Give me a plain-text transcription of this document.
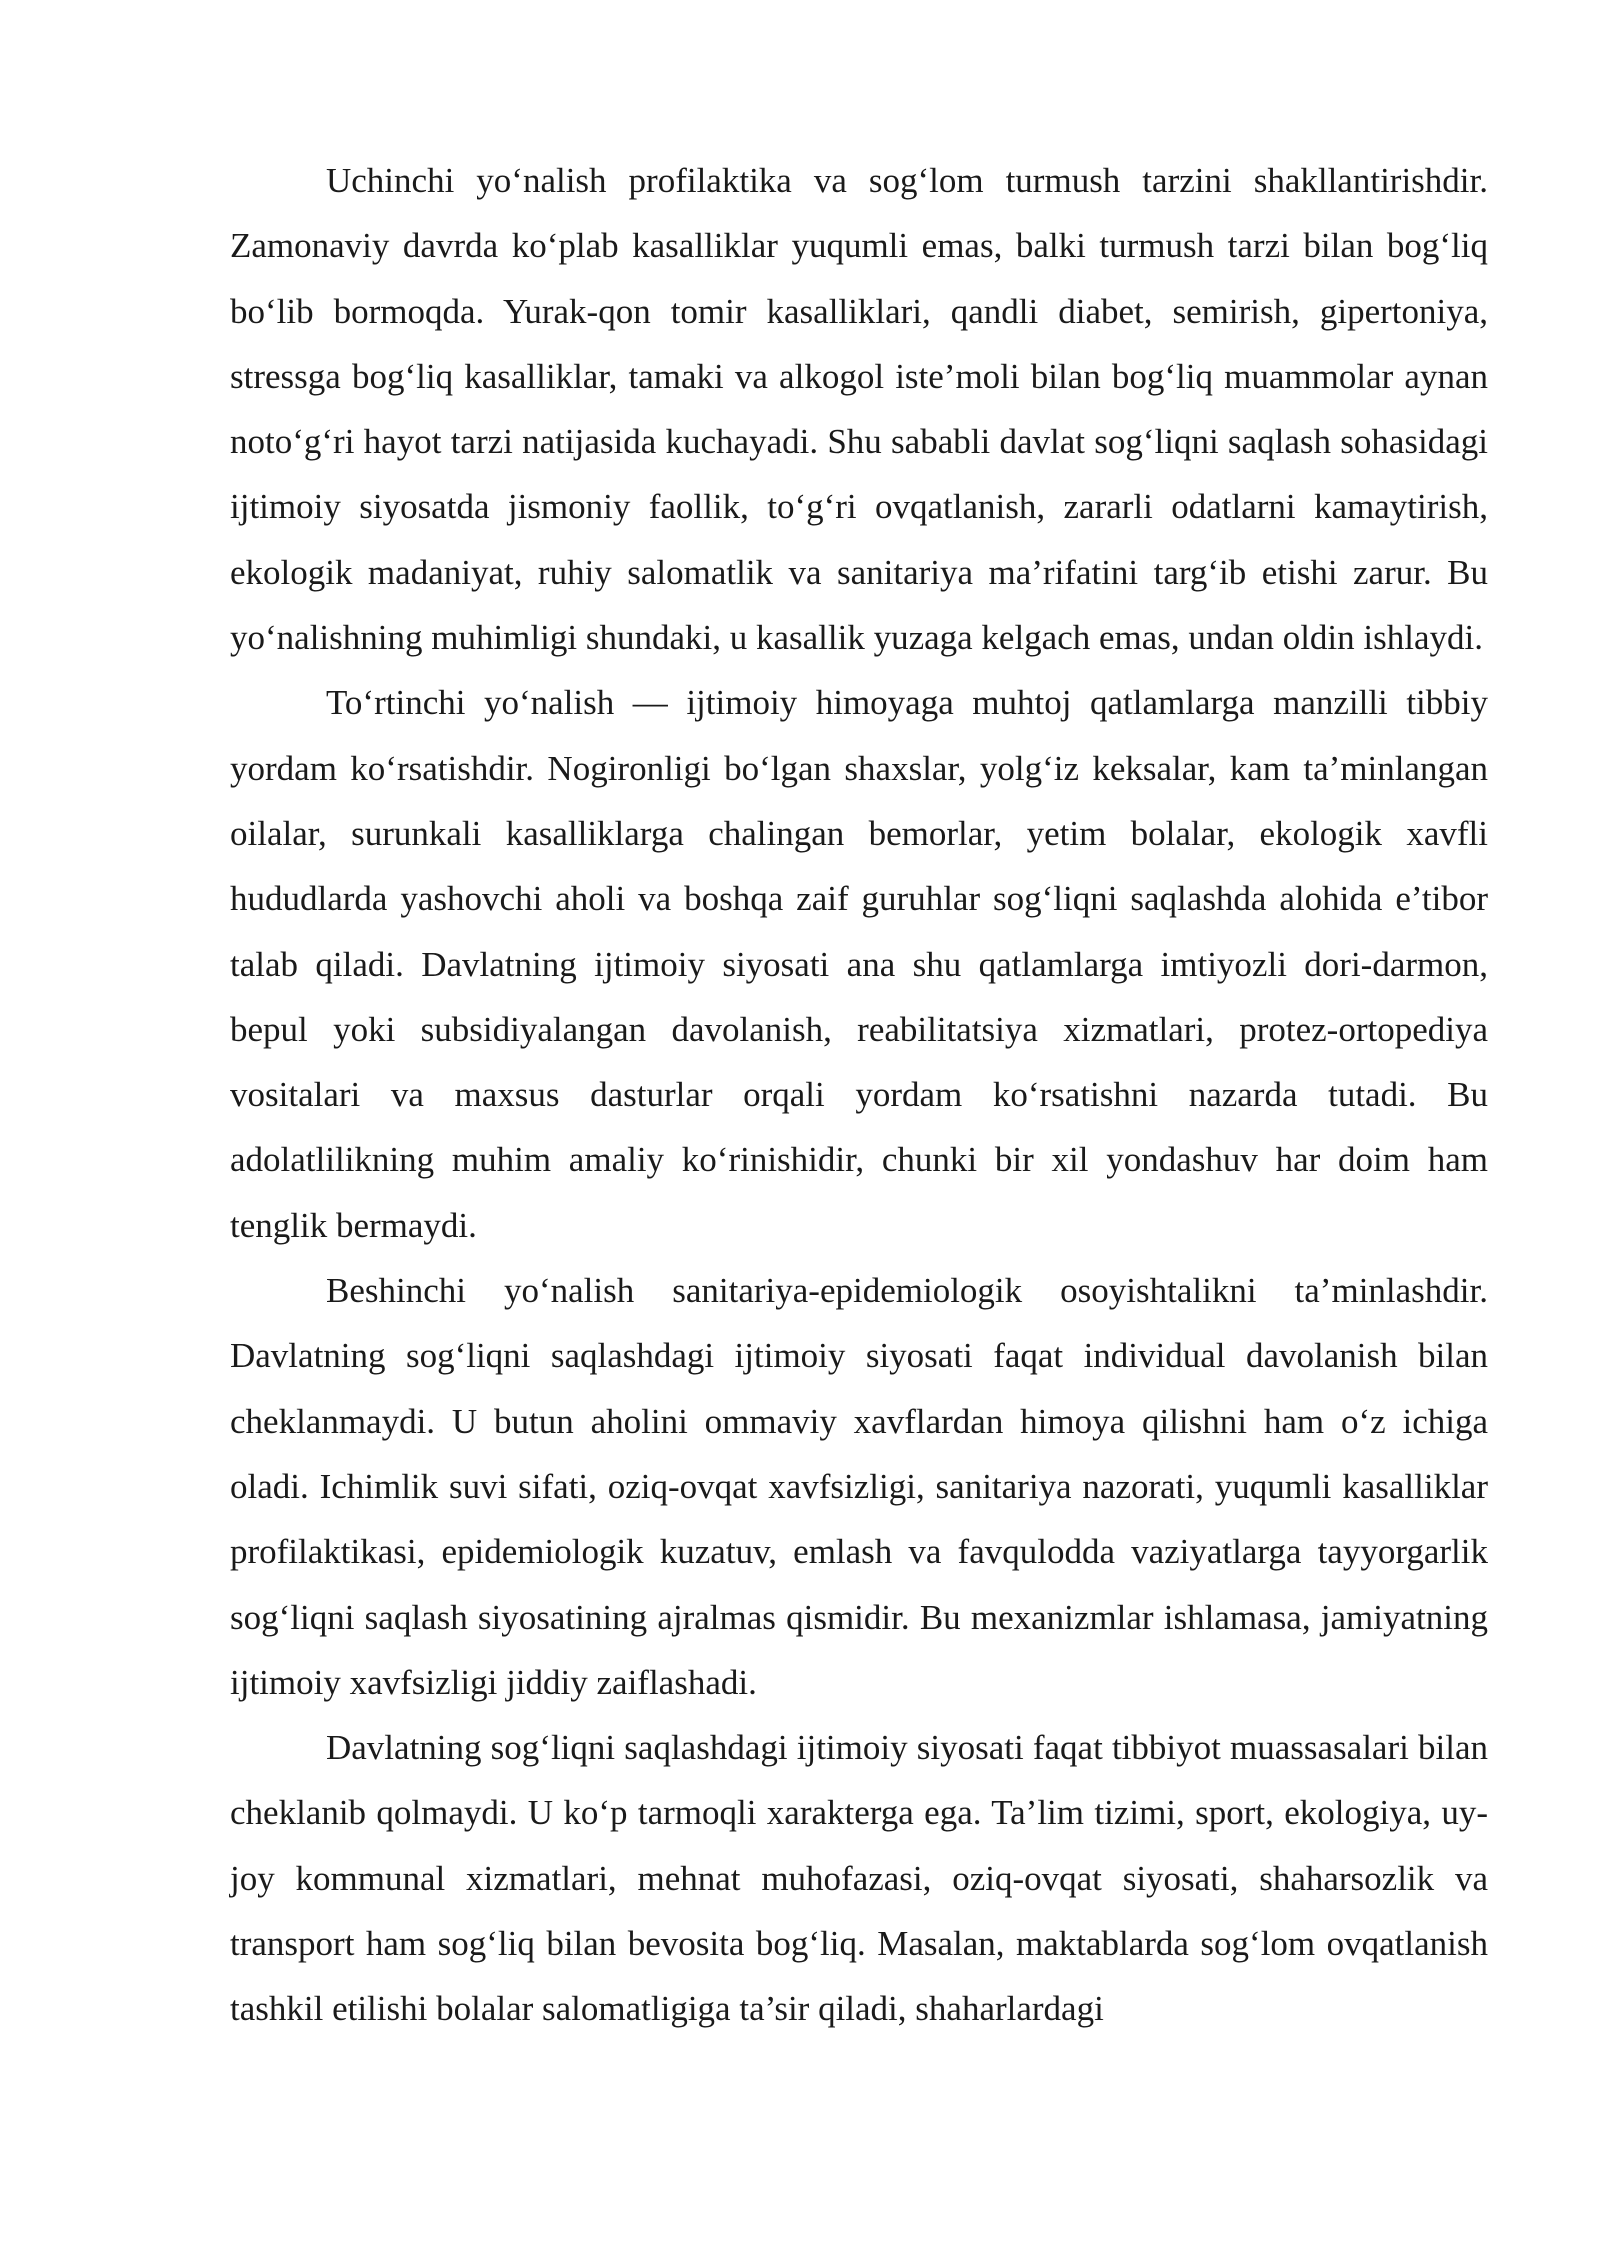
Uchinchi yo‘nalish profilaktika va sog‘lom turmush tarzini shakllantirishdir. Zamonaviy davrda ko‘plab kasalliklar yuqumli emas, balki turmush tarzi bilan bog‘liq bo‘lib bormoqda. Yurak-qon tomir kasalliklari, qandli diabet, semirish, gipertoniya, stressga bog‘liq kasalliklar, tamaki va alkogol iste’moli bilan bog‘liq muammolar aynan noto‘g‘ri hayot tarzi natijasida kuchayadi. Shu sababli davlat sog‘liqni saqlash sohasidagi ijtimoiy siyosatda jismoniy faollik, to‘g‘ri ovqatlanish, zararli odatlarni kamaytirish, ekologik madaniyat, ruhiy salomatlik va sanitariya ma’rifatini targ‘ib etishi zarur. Bu yo‘nalishning muhimligi shundaki, u kasallik yuzaga kelgach emas, undan oldin ishlaydi.

To‘rtinchi yo‘nalish — ijtimoiy himoyaga muhtoj qatlamlarga manzilli tibbiy yordam ko‘rsatishdir. Nogironligi bo‘lgan shaxslar, yolg‘iz keksalar, kam ta’minlangan oilalar, surunkali kasalliklarga chalingan bemorlar, yetim bolalar, ekologik xavfli hududlarda yashovchi aholi va boshqa zaif guruhlar sog‘liqni saqlashda alohida e’tibor talab qiladi. Davlatning ijtimoiy siyosati ana shu qatlamlarga imtiyozli dori-darmon, bepul yoki subsidiyalangan davolanish, reabilitatsiya xizmatlari, protez-ortopediya vositalari va maxsus dasturlar orqali yordam ko‘rsatishni nazarda tutadi. Bu adolatlilikning muhim amaliy ko‘rinishidir, chunki bir xil yondashuv har doim ham tenglik bermaydi.

Beshinchi yo‘nalish sanitariya-epidemiologik osoyishtalikni ta’minlashdir. Davlatning sog‘liqni saqlashdagi ijtimoiy siyosati faqat individual davolanish bilan cheklanmaydi. U butun aholini ommaviy xavflardan himoya qilishni ham o‘z ichiga oladi. Ichimlik suvi sifati, oziq-ovqat xavfsizligi, sanitariya nazorati, yuqumli kasalliklar profilaktikasi, epidemiologik kuzatuv, emlash va favqulodda vaziyatlarga tayyorgarlik sog‘liqni saqlash siyosatining ajralmas qismidir. Bu mexanizmlar ishlamasa, jamiyatning ijtimoiy xavfsizligi jiddiy zaiflashadi.

Davlatning sog‘liqni saqlashdagi ijtimoiy siyosati faqat tibbiyot muassasalari bilan cheklanib qolmaydi. U ko‘p tarmoqli xarakterga ega. Ta’lim tizimi, sport, ekologiya, uy-joy kommunal xizmatlari, mehnat muhofazasi, oziq-ovqat siyosati, shaharsozlik va transport ham sog‘liq bilan bevosita bog‘liq. Masalan, maktablarda sog‘lom ovqatlanish tashkil etilishi bolalar salomatligiga ta’sir qiladi, shaharlardagi
